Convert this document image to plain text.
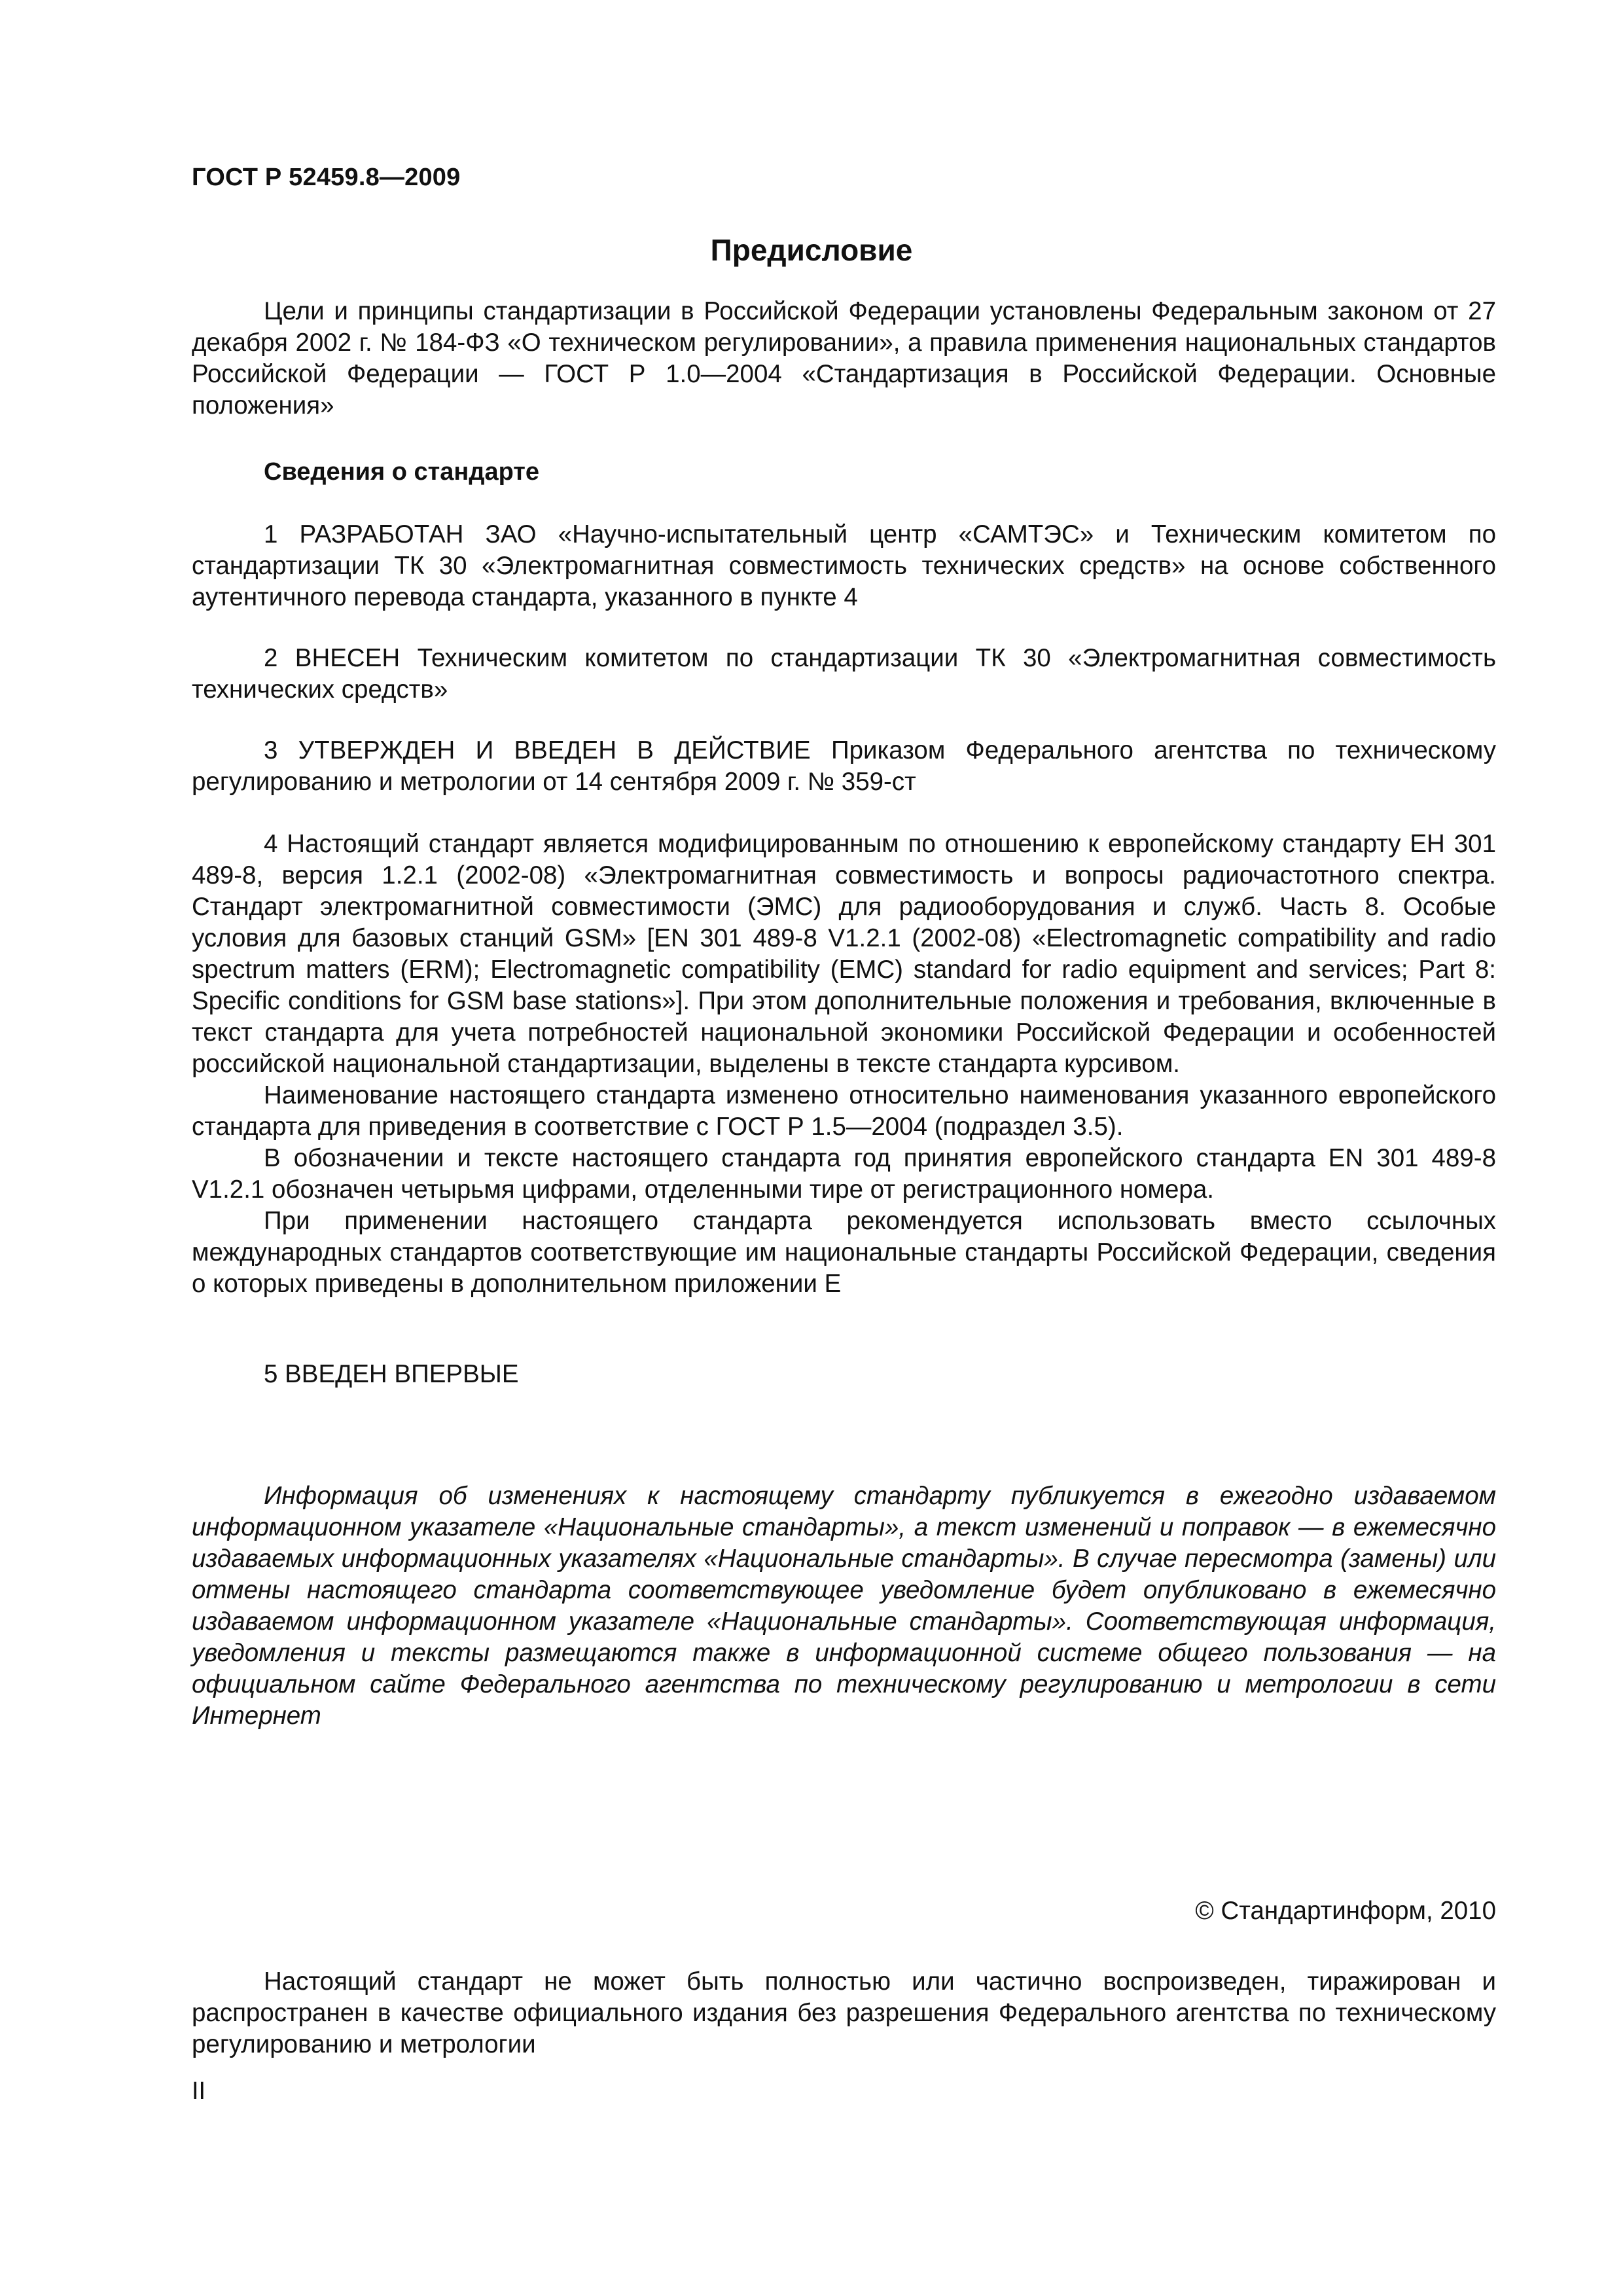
ГОСТ Р 52459.8—2009
Предисловие

Цели и принципы стандартизации в Российской Федерации установлены Федеральным законом от 27 декабря 2002 г. № 184-ФЗ «О техническом регулировании», а правила применения национальных стандартов Российской Федерации — ГОСТ Р 1.0—2004 «Стандартизация в Российской Федерации. Основные положения»

Сведения о стандарте

1 РАЗРАБОТАН ЗАО «Научно-испытательный центр «САМТЭС» и Техническим комитетом по стандартизации ТК 30 «Электромагнитная совместимость технических средств» на основе собственного аутентичного перевода стандарта, указанного в пункте 4

2 ВНЕСЕН Техническим комитетом по стандартизации ТК 30 «Электромагнитная совместимость технических средств»

3 УТВЕРЖДЕН И ВВЕДЕН В ДЕЙСТВИЕ Приказом Федерального агентства по техническому регулированию и метрологии от 14 сентября 2009 г. № 359-ст

4 Настоящий стандарт является модифицированным по отношению к европейскому стандарту ЕН 301 489-8, версия 1.2.1 (2002-08) «Электромагнитная совместимость и вопросы радиочастотного спектра. Стандарт электромагнитной совместимости (ЭМС) для радиооборудования и служб. Часть 8. Особые условия для базовых станций GSM» [EN 301 489-8 V1.2.1 (2002-08) «Electromagnetic compatibility and radio spectrum matters (ERM); Electromagnetic compatibility (EMC) standard for radio equipment and services; Part 8: Specific conditions for GSM base stations»]. При этом дополнительные положения и требования, включенные в текст стандарта для учета потребностей национальной экономики Российской Федерации и особенностей российской национальной стандартизации, выделены в тексте стандарта курсивом.

Наименование настоящего стандарта изменено относительно наименования указанного европейского стандарта для приведения в соответствие с ГОСТ Р 1.5—2004 (подраздел 3.5).

В обозначении и тексте настоящего стандарта год принятия европейского стандарта EN 301 489-8 V1.2.1 обозначен четырьмя цифрами, отделенными тире от регистрационного номера.

При применении настоящего стандарта рекомендуется использовать вместо ссылочных международных стандартов соответствующие им национальные стандарты Российской Федерации, сведения о которых приведены в дополнительном приложении Е

5 ВВЕДЕН ВПЕРВЫЕ

Информация об изменениях к настоящему стандарту публикуется в ежегодно издаваемом информационном указателе «Национальные стандарты», а текст изменений и поправок — в ежемесячно издаваемых информационных указателях «Национальные стандарты». В случае пересмотра (замены) или отмены настоящего стандарта соответствующее уведомление будет опубликовано в ежемесячно издаваемом информационном указателе «Национальные стандарты». Соответствующая информация, уведомления и тексты размещаются также в информационной системе общего пользования — на официальном сайте Федерального агентства по техническому регулированию и метрологии в сети Интернет
© Стандартинформ, 2010
Настоящий стандарт не может быть полностью или частично воспроизведен, тиражирован и распространен в качестве официального издания без разрешения Федерального агентства по техническому регулированию и метрологии
II
